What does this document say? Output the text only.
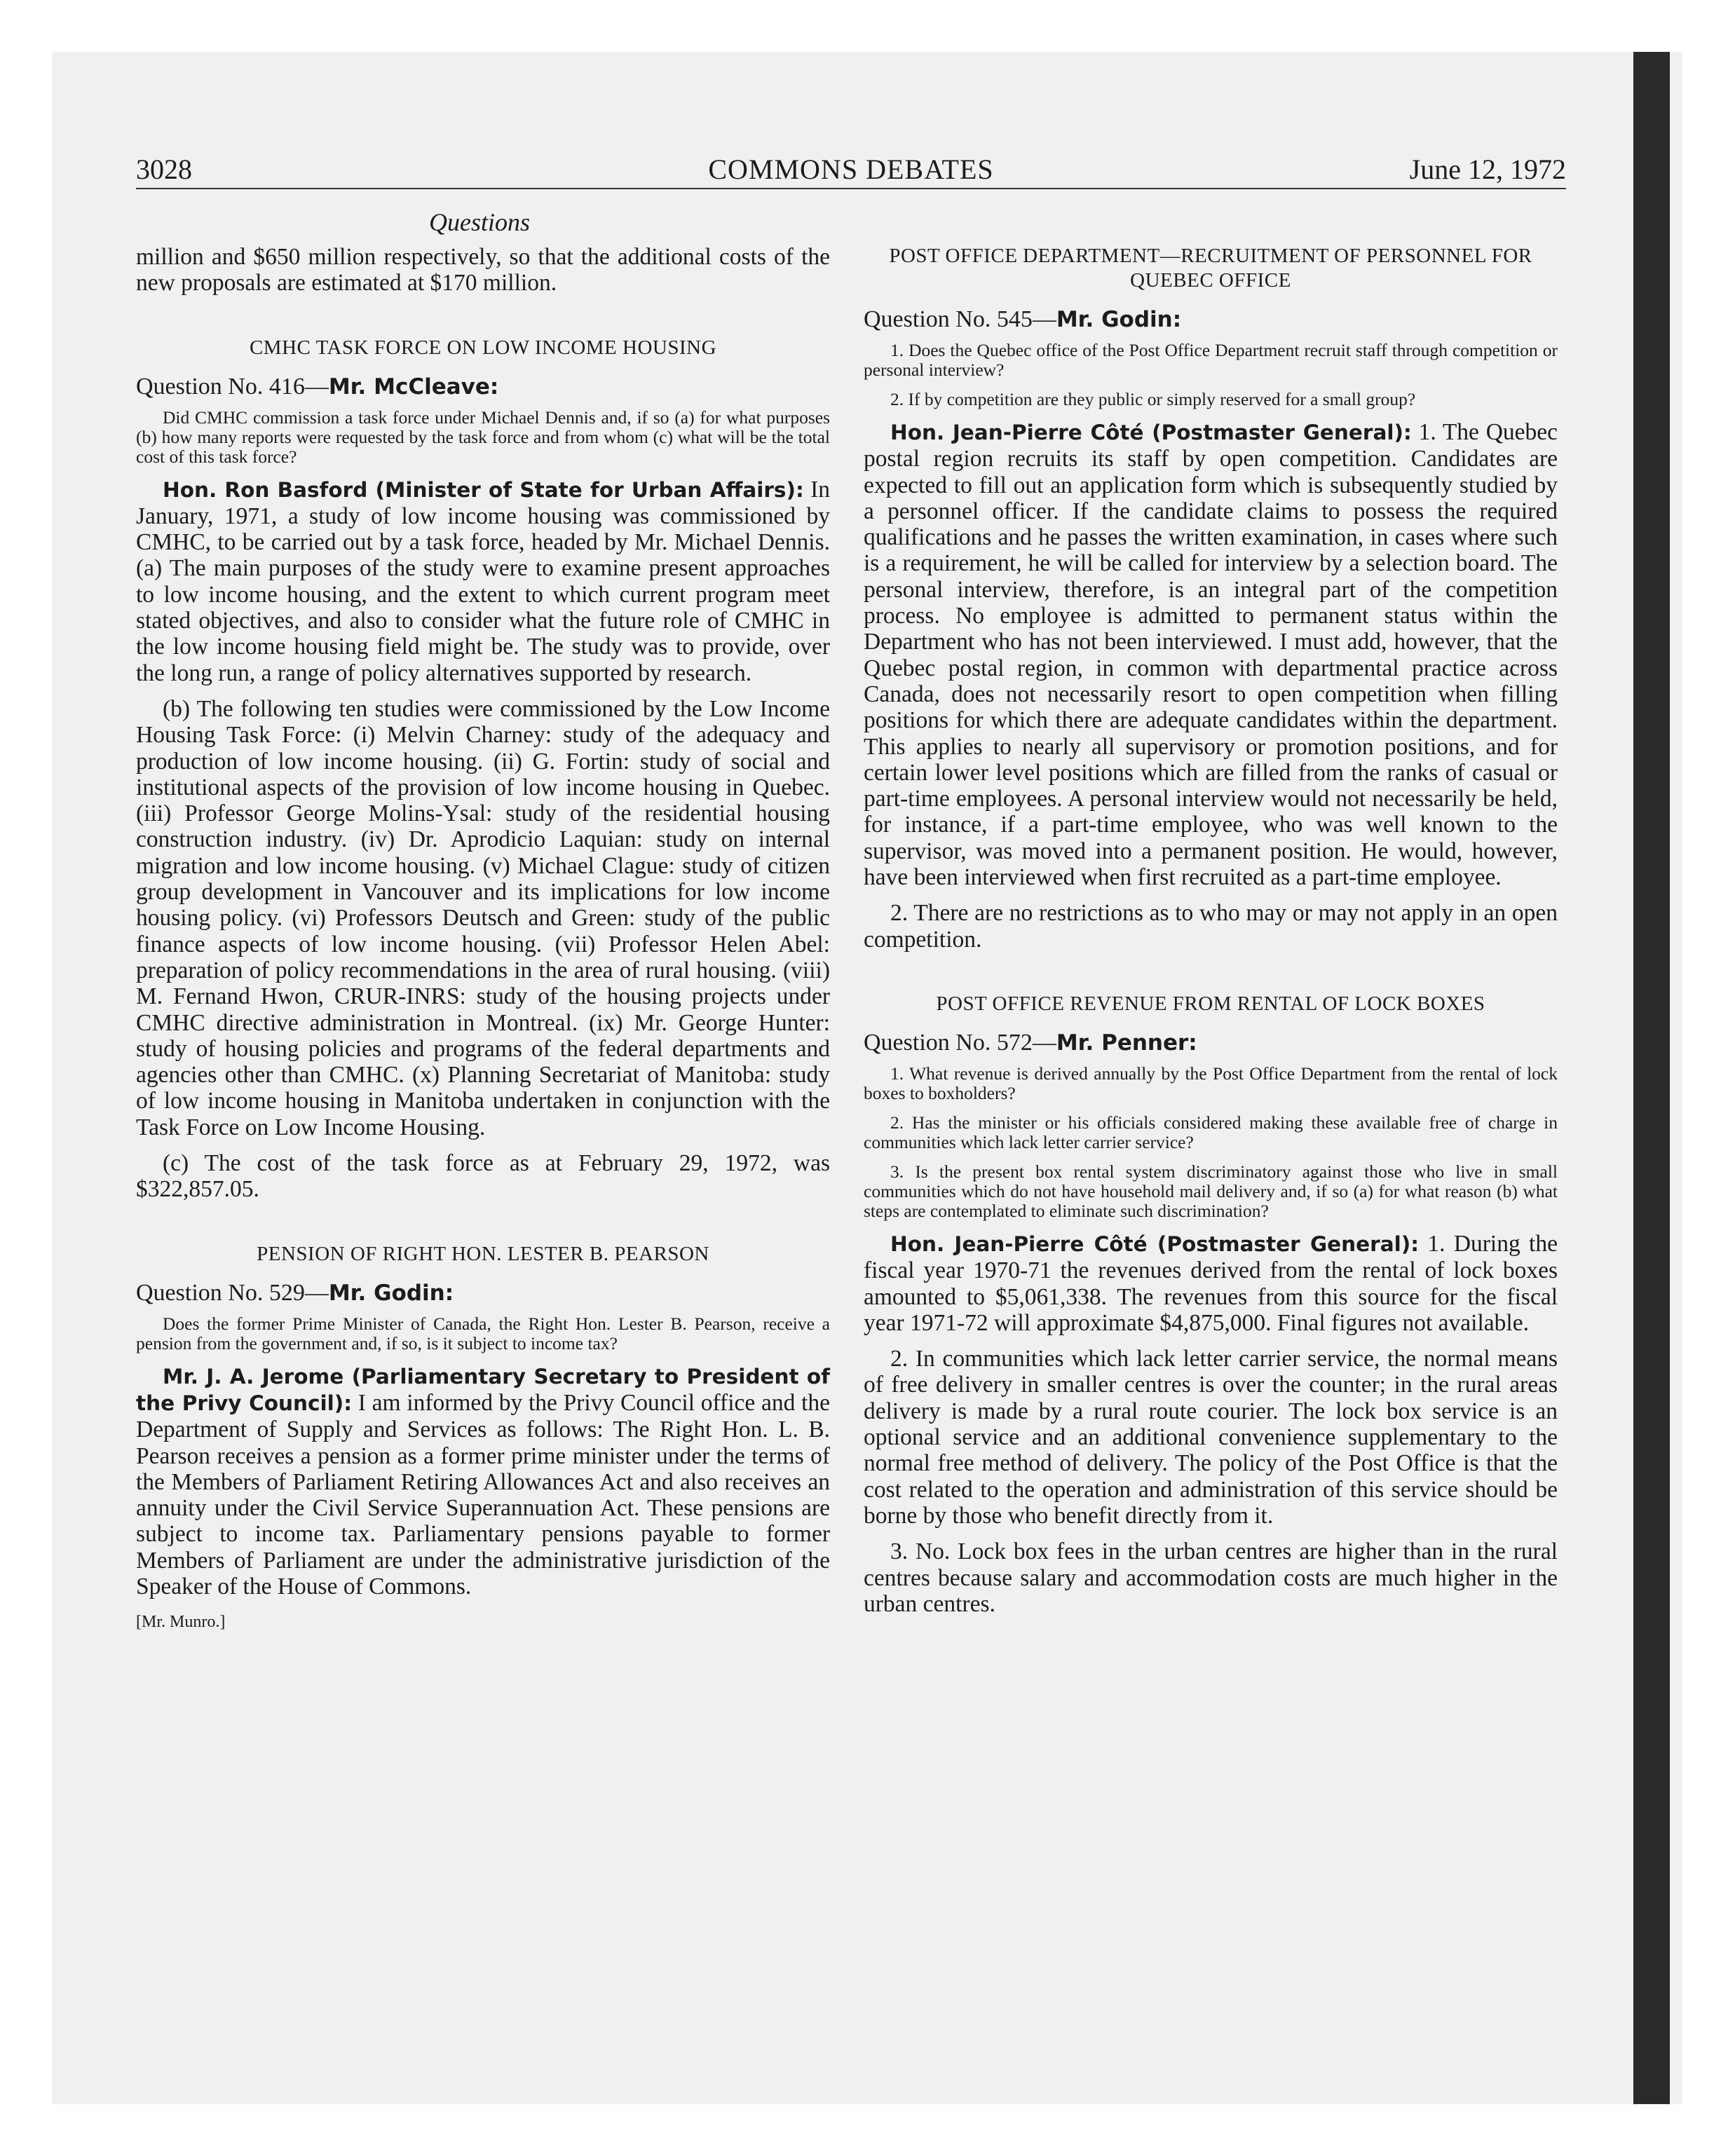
3028	COMMONS DEBATES	June 12, 1972
Questions

million and $650 million respectively, so that the additional costs of the new proposals are estimated at $170 million.

CMHC TASK FORCE ON LOW INCOME HOUSING
Question No. 416—Mr. McCleave:

Did CMHC commission a task force under Michael Dennis and, if so (a) for what purposes (b) how many reports were requested by the task force and from whom (c) what will be the total cost of this task force?

Hon. Ron Basford (Minister of State for Urban Affairs): In January, 1971, a study of low income housing was commissioned by CMHC, to be carried out by a task force, headed by Mr. Michael Dennis. (a) The main purposes of the study were to examine present approaches to low income housing, and the extent to which current program meet stated objectives, and also to consider what the future role of CMHC in the low income housing field might be. The study was to provide, over the long run, a range of policy alternatives supported by research.

(b) The following ten studies were commissioned by the Low Income Housing Task Force: (i) Melvin Charney: study of the adequacy and production of low income housing. (ii) G. Fortin: study of social and institutional aspects of the provision of low income housing in Quebec. (iii) Professor George Molins-Ysal: study of the residential housing construction industry. (iv) Dr. Aprodicio Laquian: study on internal migration and low income housing. (v) Michael Clague: study of citizen group development in Vancouver and its implications for low income housing policy. (vi) Professors Deutsch and Green: study of the public finance aspects of low income housing. (vii) Professor Helen Abel: preparation of policy recommendations in the area of rural housing. (viii) M. Fernand Hwon, CRUR-INRS: study of the housing projects under CMHC directive administration in Montreal. (ix) Mr. George Hunter: study of housing policies and programs of the federal departments and agencies other than CMHC. (x) Planning Secretariat of Manitoba: study of low income housing in Manitoba undertaken in conjunction with the Task Force on Low Income Housing.

(c) The cost of the task force as at February 29, 1972, was $322,857.05.

PENSION OF RIGHT HON. LESTER B. PEARSON
Question No. 529—Mr. Godin:

Does the former Prime Minister of Canada, the Right Hon. Lester B. Pearson, receive a pension from the government and, if so, is it subject to income tax?

Mr. J. A. Jerome (Parliamentary Secretary to President of the Privy Council): I am informed by the Privy Council office and the Department of Supply and Services as follows: The Right Hon. L. B. Pearson receives a pension as a former prime minister under the terms of the Members of Parliament Retiring Allowances Act and also receives an annuity under the Civil Service Superannuation Act. These pensions are subject to income tax. Parliamentary pensions payable to former Members of Parliament are under the administrative jurisdiction of the Speaker of the House of Commons.

[Mr. Munro.]

POST OFFICE DEPARTMENT—RECRUITMENT OF PERSONNEL FOR QUEBEC OFFICE
Question No. 545—Mr. Godin:

1. Does the Quebec office of the Post Office Department recruit staff through competition or personal interview?

2. If by competition are they public or simply reserved for a small group?

Hon. Jean-Pierre Côté (Postmaster General): 1. The Quebec postal region recruits its staff by open competition. Candidates are expected to fill out an application form which is subsequently studied by a personnel officer. If the candidate claims to possess the required qualifications and he passes the written examination, in cases where such is a requirement, he will be called for interview by a selection board. The personal interview, therefore, is an integral part of the competition process. No employee is admitted to permanent status within the Department who has not been interviewed. I must add, however, that the Quebec postal region, in common with departmental practice across Canada, does not necessarily resort to open competition when filling positions for which there are adequate candidates within the department. This applies to nearly all supervisory or promotion positions, and for certain lower level positions which are filled from the ranks of casual or part-time employees. A personal interview would not necessarily be held, for instance, if a part-time employee, who was well known to the supervisor, was moved into a permanent position. He would, however, have been interviewed when first recruited as a part-time employee.

2. There are no restrictions as to who may or may not apply in an open competition.

POST OFFICE REVENUE FROM RENTAL OF LOCK BOXES
Question No. 572—Mr. Penner:

1. What revenue is derived annually by the Post Office Department from the rental of lock boxes to boxholders?

2. Has the minister or his officials considered making these available free of charge in communities which lack letter carrier service?

3. Is the present box rental system discriminatory against those who live in small communities which do not have household mail delivery and, if so (a) for what reason (b) what steps are contemplated to eliminate such discrimination?

Hon. Jean-Pierre Côté (Postmaster General): 1. During the fiscal year 1970-71 the revenues derived from the rental of lock boxes amounted to $5,061,338. The revenues from this source for the fiscal year 1971-72 will approximate $4,875,000. Final figures not available.

2. In communities which lack letter carrier service, the normal means of free delivery in smaller centres is over the counter; in the rural areas delivery is made by a rural route courier. The lock box service is an optional service and an additional convenience supplementary to the normal free method of delivery. The policy of the Post Office is that the cost related to the operation and administration of this service should be borne by those who benefit directly from it.

3. No. Lock box fees in the urban centres are higher than in the rural centres because salary and accommodation costs are much higher in the urban centres.
